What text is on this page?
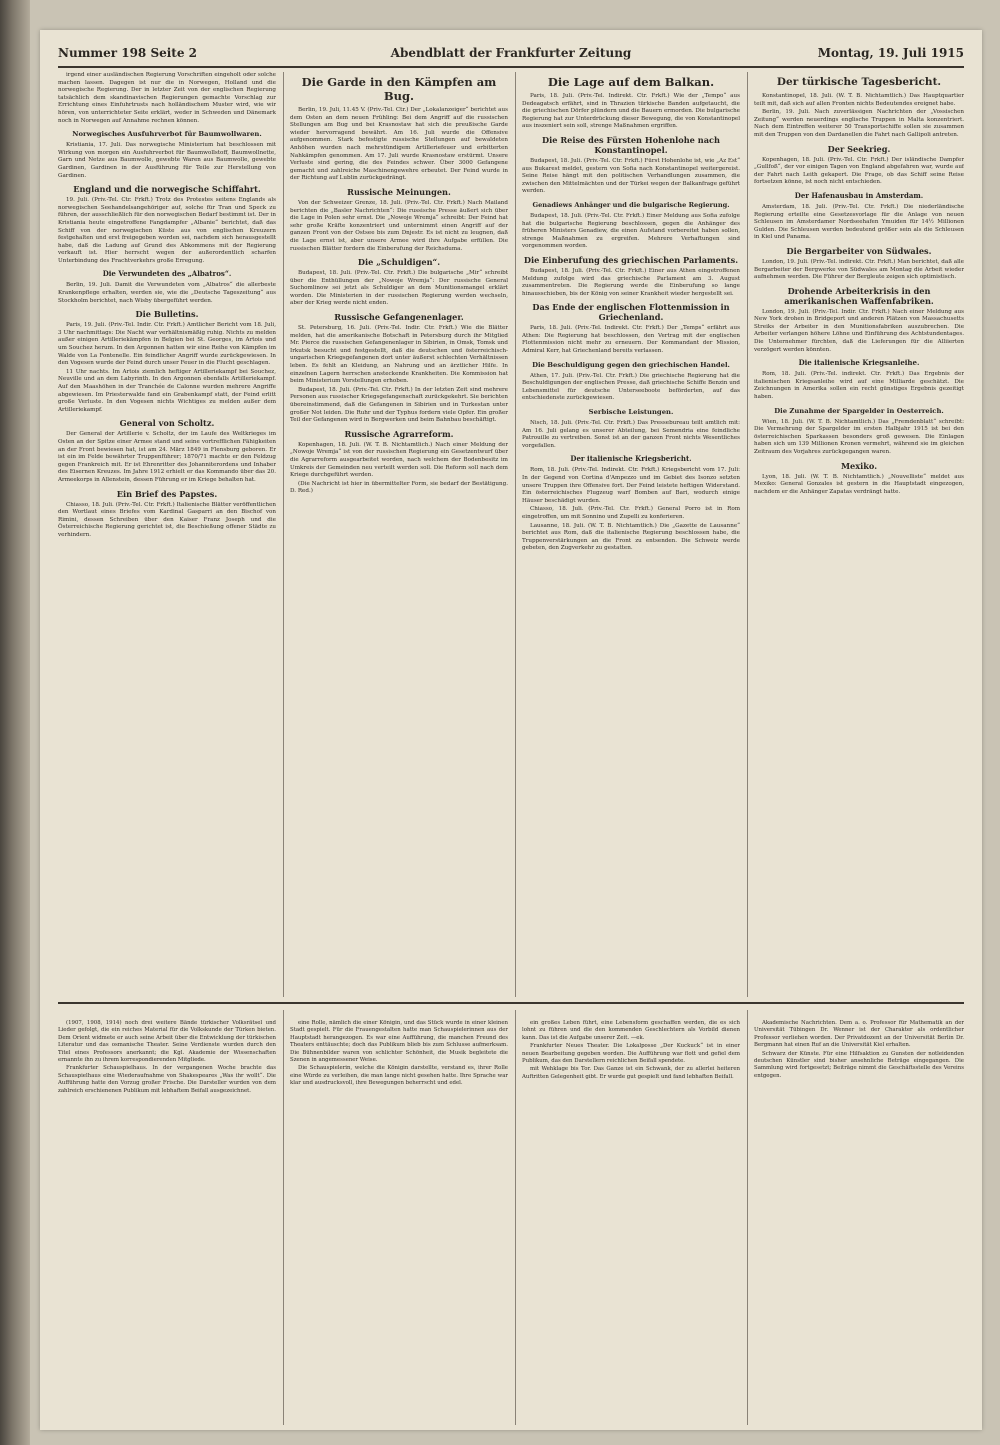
Nummer 198 Seite 2	Abendblatt der Frankfurter Zeitung	Montag, 19. Juli 1915

irgend einer ausländischen Regierung Vorschriften eingeholt oder solche machen lassen. Dagegen ist nur die in Norwegen, Holland und die norwegische Regierung. Der in letzter Zeit von der englischen Regierung tatsächlich dem skandinavischen Regierungen gemachte Vorschlag zur Errichtung eines Einfuhrtrusts nach holländischem Muster wird, wie wir hören, von unterrichteter Seite erklärt, weder in Schweden und Dänemark noch in Norwegen auf Annahme rechnen können.

Norwegisches Ausfuhrverbot für Baumwollwaren.

Kristiania, 17. Juli. Das norwegische Ministerium hat beschlossen mit Wirkung von morgen ein Ausfuhrverbot für Baumwollstoff, Baumwollnette, Garn und Netze aus Baumwolle, gewebte Waren aus Baumwolle, gewebte Gardinen, Gardinen in der Ausführung für Teile zur Herstellung von Gardinen.

England und die norwegische Schiffahrt.

19. Juli. (Priv.-Tel. Ctr. Frkft.) Trotz des Protestes seitens Englands als norwegischen Seehandelsangehöriger auf, solche für Tran und Speck zu führen, der ausschließlich für den norwegischen Bedarf bestimmt ist. Der in Kristiania heute eingetroffene Fangdampfer „Albanie“ berichtet, daß das Schiff von der norwegischen Küste aus von englischen Kreuzern festgehalten und erst freigegeben worden sei, nachdem sich herausgestellt habe, daß die Ladung auf Grund des Abkommens mit der Regierung verkauft ist. Hier herrscht wegen der außerordentlich scharfen Unterbindung des Frachtverkehrs große Erregung.

Die Verwundeten des „Albatros“.

Berlin, 19. Juli. Damit die Verwundeten vom „Albatros“ die allerbeste Krankenpflege erhalten, werden sie, wie die „Deutsche Tageszeitung“ aus Stockholm berichtet, nach Wisby übergeführt werden.

Die Bulletins.

Paris, 19. Juli. (Priv.-Tel. Indir. Ctr. Frkft.) Amtlicher Bericht vom 18. Juli, 3 Uhr nachmittags: Die Nacht war verhältnismäßig ruhig. Nichts zu melden außer einigen Artilleriekämpfen in Belgien bei St. Georges, im Artois und um Souchez herum. In den Argonnen hatten wir eine Reihe von Kämpfen im Walde von La Fontenelle. Ein feindlicher Angriff wurde zurückgewiesen. In den Vogesen wurde der Feind durch unser Feuer in die Flucht geschlagen.

11 Uhr nachts. Im Artois ziemlich heftiger Artilleriekampf bei Souchez, Neuville und an dem Labyrinth. In den Argonnen ebenfalls Artilleriekampf. Auf den Maashöhen in der Tranchée de Calonne wurden mehrere Angriffe abgewiesen. Im Priesterwalde fand ein Grabenkampf statt, der Feind erlitt große Verluste. In den Vogesen nichts Wichtiges zu melden außer dem Artilleriekampf.

General von Scholtz.

Der General der Artillerie v. Scholtz, der im Laufe des Weltkrieges im Osten an der Spitze einer Armee stand und seine vortrefflichen Fähigkeiten an der Front bewiesen hat, ist am 24. März 1849 in Flensburg geboren. Er ist ein im Felde bewährter Truppenführer; 1870/71 machte er den Feldzug gegen Frankreich mit. Er ist Ehrenritter des Johanniterordens und Inhaber des Eisernen Kreuzes. Im Jahre 1912 erhielt er das Kommando über das 20. Armeekorps in Allenstein, dessen Führung er im Kriege behalten hat.

Ein Brief des Papstes.

Chiasso, 18. Juli. (Priv.-Tel. Ctr. Frkft.) Italienische Blätter veröffentlichen den Wortlaut eines Briefes vom Kardinal Gasparri an den Bischof von Rimini, dessen Schreiben über den Kaiser Franz Joseph und die Österreichische Regierung gerichtet ist, die Beschießung offener Städte zu verhindern.

Die Garde in den Kämpfen am Bug.

Berlin, 19. Juli, 11.45 V. (Priv.-Tel. Ctr.) Der „Lokalanzeiger“ berichtet aus dem Osten an dem neuen Frühling: Bei dem Angriff auf die russischen Stellungen am Bug und bei Krasnostaw hat sich die preußische Garde wieder hervorragend bewährt. Am 16. Juli wurde die Offensive aufgenommen. Stark befestigte russische Stellungen auf bewaldeten Anhöhen wurden nach mehrstündigem Artilleriefeuer und erbitterten Nahkämpfen genommen. Am 17. Juli wurde Krasnostaw erstürmt. Unsere Verluste sind gering, die des Feindes schwer. Über 3000 Gefangene gemacht und zahlreiche Maschinengewehre erbeutet. Der Feind wurde in der Richtung auf Lublin zurückgedrängt.

Russische Meinungen.

Von der Schweizer Grenze, 18. Juli. (Priv.-Tel. Ctr. Frkft.) Nach Mailand berichten die „Basler Nachrichten“: Die russische Presse äußert sich über die Lage in Polen sehr ernst. Die „Nowoje Wremja“ schreibt: Der Feind hat sehr große Kräfte konzentriert und unternimmt einen Angriff auf der ganzen Front von der Ostsee bis zum Dnjestr. Es ist nicht zu leugnen, daß die Lage ernst ist, aber unsere Armee wird ihre Aufgabe erfüllen. Die russischen Blätter fordern die Einberufung der Reichsduma.

Die „Schuldigen“.

Budapest, 18. Juli. (Priv.-Tel. Ctr. Frkft.) Die bulgarische „Mir“ schreibt über die Enthüllungen der „Nowoje Wremja“: Der russische General Suchomlinow sei jetzt als Schuldiger an dem Munitionsmangel erklärt worden. Die Ministerien in der russischen Regierung werden wechseln, aber der Krieg werde nicht enden.

Russische Gefangenenlager.

St. Petersburg, 16. Juli. (Priv.-Tel. Indir. Ctr. Frkft.) Wie die Blätter melden, hat die amerikanische Botschaft in Petersburg durch ihr Mitglied Mr. Pierce die russischen Gefangenenlager in Sibirien, in Omsk, Tomsk und Irkutsk besucht und festgestellt, daß die deutschen und österreichisch-ungarischen Kriegsgefangenen dort unter äußerst schlechten Verhältnissen leben. Es fehlt an Kleidung, an Nahrung und an ärztlicher Hilfe. In einzelnen Lagern herrschen ansteckende Krankheiten. Die Kommission hat beim Ministerium Vorstellungen erhoben.

Budapest, 18. Juli. (Priv.-Tel. Ctr. Frkft.) In der letzten Zeit sind mehrere Personen aus russischer Kriegsgefangenschaft zurückgekehrt. Sie berichten übereinstimmend, daß die Gefangenen in Sibirien und in Turkestan unter großer Not leiden. Die Ruhr und der Typhus fordern viele Opfer. Ein großer Teil der Gefangenen wird in Bergwerken und beim Bahnbau beschäftigt.

Russische Agrarreform.

Kopenhagen, 18. Juli. (W. T. B. Nichtamtlich.) Nach einer Meldung der „Nowoje Wremja“ ist von der russischen Regierung ein Gesetzentwurf über die Agrarreform ausgearbeitet worden, nach welchem der Bodenbesitz im Umkreis der Gemeinden neu verteilt werden soll. Die Reform soll nach dem Kriege durchgeführt werden.

(Die Nachricht ist hier in übermittelter Form, sie bedarf der Bestätigung. D. Red.)

Die Lage auf dem Balkan.

Paris, 18. Juli. (Priv.-Tel. Indirekt. Ctr. Frkft.) Wie der „Tempo“ aus Dedeagatsch erfährt, sind in Thrazien türkische Banden aufgetaucht, die die griechischen Dörfer plündern und die Bauern ermorden. Die bulgarische Regierung hat zur Unterdrückung dieser Bewegung, die von Konstantinopel aus inszeniert sein soll, strenge Maßnahmen ergriffen.

Die Reise des Fürsten Hohenlohe nach Konstantinopel.

Budapest, 18. Juli. (Priv.-Tel. Ctr. Frkft.) Fürst Hohenlohe ist, wie „Az Est“ aus Bukarest meldet, gestern von Sofia nach Konstantinopel weitergereist. Seine Reise hängt mit den politischen Verhandlungen zusammen, die zwischen den Mittelmächten und der Türkei wegen der Balkanfrage geführt werden.

Genadiews Anhänger und die bulgarische Regierung.

Budapest, 18. Juli. (Priv.-Tel. Ctr. Frkft.) Einer Meldung aus Sofia zufolge hat die bulgarische Regierung beschlossen, gegen die Anhänger des früheren Ministers Genadiew, die einen Aufstand vorbereitet haben sollen, strenge Maßnahmen zu ergreifen. Mehrere Verhaftungen sind vorgenommen worden.

Die Einberufung des griechischen Parlaments.

Budapest, 18. Juli. (Priv.-Tel. Ctr. Frkft.) Einer aus Athen eingetroffenen Meldung zufolge wird das griechische Parlament am 3. August zusammentreten. Die Regierung werde die Einberufung so lange hinausschieben, bis der König von seiner Krankheit wieder hergestellt sei.

Das Ende der englischen Flottenmission in Griechenland.

Paris, 18. Juli. (Priv.-Tel. Indirekt. Ctr. Frkft.) Der „Temps“ erfährt aus Athen: Die Regierung hat beschlossen, den Vertrag mit der englischen Flottenmission nicht mehr zu erneuern. Der Kommandant der Mission, Admiral Kerr, hat Griechenland bereits verlassen.

Die Beschuldigung gegen den griechischen Handel.

Athen, 17. Juli. (Priv.-Tel. Ctr. Frkft.) Die griechische Regierung hat die Beschuldigungen der englischen Presse, daß griechische Schiffe Benzin und Lebensmittel für deutsche Unterseeboote beförderten, auf das entschiedenste zurückgewiesen.

Serbische Leistungen.

Nisch, 18. Juli. (Priv.-Tel. Ctr. Frkft.) Das Pressebureau teilt amtlich mit: Am 16. Juli gelang es unserer Abteilung, bei Semendria eine feindliche Patrouille zu vertreiben. Sonst ist an der ganzen Front nichts Wesentliches vorgefallen.

Der italienische Kriegsbericht.

Rom, 18. Juli. (Priv.-Tel. Indirekt. Ctr. Frkft.) Kriegsbericht vom 17. Juli: In der Gegend von Cortina d'Ampezzo und im Gebiet des Isonzo setzten unsere Truppen ihre Offensive fort. Der Feind leistete heftigen Widerstand. Ein österreichisches Flugzeug warf Bomben auf Bari, wodurch einige Häuser beschädigt wurden.

Chiasso, 18. Juli. (Priv.-Tel. Ctr. Frkft.) General Porro ist in Rom eingetroffen, um mit Sonnino und Zupelli zu konferieren.

Lausanne, 18. Juli. (W. T. B. Nichtamtlich.) Die „Gazette de Lausanne“ berichtet aus Rom, daß die italienische Regierung beschlossen habe, die Truppenverstärkungen an die Front zu entsenden. Die Schweiz werde gebeten, den Zugverkehr zu gestatten.

Der türkische Tagesbericht.

Konstantinopel, 18. Juli. (W. T. B. Nichtamtlich.) Das Hauptquartier teilt mit, daß sich auf allen Fronten nichts Bedeutendes ereignet habe.

Berlin, 19. Juli. Nach zuverlässigen Nachrichten der „Vossischen Zeitung“ werden neuerdings englische Truppen in Malta konzentriert. Nach dem Eintreffen weiterer 50 Transportschiffe sollen sie zusammen mit den Truppen von den Dardanellen die Fahrt nach Gallipoli antreten.

Der Seekrieg.

Kopenhagen, 18. Juli. (Priv.-Tel. Ctr. Frkft.) Der isländische Dampfer „Gullfoß“, der vor einigen Tagen von England abgefahren war, wurde auf der Fahrt nach Leith gekapert. Die Frage, ob das Schiff seine Reise fortsetzen könne, ist noch nicht entschieden.

Der Hafenausbau in Amsterdam.

Amsterdam, 18. Juli. (Priv.-Tel. Ctr. Frkft.) Die niederländische Regierung erteilte eine Gesetzesvorlage für die Anlage von neuen Schleusen im Amsterdamer Nordseehafen Ymuiden für 14½ Millionen Gulden. Die Schleusen werden bedeutend größer sein als die Schleusen in Kiel und Panama.

Die Bergarbeiter von Südwales.

London, 19. Juli. (Priv.-Tel. indirekt. Ctr. Frkft.) Man berichtet, daß alle Bergarbeiter der Bergwerke von Südwales am Montag die Arbeit wieder aufnehmen werden. Die Führer der Bergleute zeigen sich optimistisch.

Drohende Arbeiterkrisis in den amerikanischen Waffenfabriken.

London, 19. Juli. (Priv.-Tel. Indir. Ctr. Frkft.) Nach einer Meldung aus New York drohen in Bridgeport und anderen Plätzen von Massachusetts Streiks der Arbeiter in den Munitionsfabriken auszubrechen. Die Arbeiter verlangen höhere Löhne und Einführung des Achtstundentages. Die Unternehmer fürchten, daß die Lieferungen für die Alliierten verzögert werden könnten.

Die italienische Kriegsanleihe.

Rom, 18. Juli. (Priv.-Tel. indirekt. Ctr. Frkft.) Das Ergebnis der italienischen Kriegsanleihe wird auf eine Milliarde geschätzt. Die Zeichnungen in Amerika sollen ein recht günstiges Ergebnis gezeitigt haben.

Die Zunahme der Spargelder in Oesterreich.

Wien, 18. Juli. (W. T. B. Nichtamtlich.) Das „Fremdenblatt“ schreibt: Die Vermehrung der Spargelder im ersten Halbjahr 1915 ist bei den österreichischen Sparkassen besonders groß gewesen. Die Einlagen haben sich um 139 Millionen Kronen vermehrt, während sie im gleichen Zeitraum des Vorjahres zurückgegangen waren.

Mexiko.

Lyon, 18. Juli. (W. T. B. Nichtamtlich.) „Nouvelliste“ meldet aus Mexiko: General Gonzales ist gestern in die Hauptstadt eingezogen, nachdem er die Anhänger Zapatas verdrängt hatte.

(1907, 1908, 1914) noch drei weitere Bände türkischer Volksrätsel und Lieder gefolgt, die ein reiches Material für die Volkskunde der Türken bieten. Dem Orient widmete er auch seine Arbeit über die Entwicklung der türkischen Literatur und das osmanische Theater. Seine Verdienste wurden durch den Titel eines Professors anerkannt; die Kgl. Akademie der Wissenschaften ernannte ihn zu ihrem korrespondierenden Mitgliede.

Frankfurter Schauspielhaus. In der vergangenen Woche brachte das Schauspielhaus eine Wiederaufnahme von Shakespeares „Was ihr wollt“. Die Aufführung hatte den Vorzug großer Frische. Die Darsteller wurden von dem zahlreich erschienenen Publikum mit lebhaftem Beifall ausgezeichnet.

eine Rolle, nämlich die einer Königin, und das Stück wurde in einer kleinen Stadt gespielt. Für die Frauengestalten hatte man Schauspielerinnen aus der Hauptstadt herangezogen. Es war eine Aufführung, die manchen Freund des Theaters enttäuschte; doch das Publikum blieb bis zum Schlusse aufmerksam. Die Bühnenbilder waren von schlichter Schönheit, die Musik begleitete die Szenen in angemessener Weise.

Die Schauspielerin, welche die Königin darstellte, verstand es, ihrer Rolle eine Würde zu verleihen, die man lange nicht gesehen hatte. Ihre Sprache war klar und ausdrucksvoll, ihre Bewegungen beherrscht und edel.

ein großes Leben führt, eine Lebensform geschaffen werden, die es sich lohnt zu führen und die den kommenden Geschlechtern als Vorbild dienen kann. Das ist die Aufgabe unserer Zeit. —ek.

Frankfurter Neues Theater. Die Lokalposse „Der Kuckuck“ ist in einer neuen Bearbeitung gegeben worden. Die Aufführung war flott und gefiel dem Publikum, das den Darstellern reichlichen Beifall spendete.

mit Wehklage bis Tor. Das Ganze ist ein Schwank, der zu allerlei heiteren Auftritten Gelegenheit gibt. Er wurde gut gespielt und fand lebhaften Beifall.

Akademische Nachrichten. Dem a. o. Professor für Mathematik an der Universität Tübingen Dr. Wenner ist der Charakter als ordentlicher Professor verliehen worden. Der Privatdozent an der Universität Berlin Dr. Bergmann hat einen Ruf an die Universität Kiel erhalten.

Schwarz der Künste. Für eine Hilfsaktion zu Gunsten der notleidenden deutschen Künstler sind bisher ansehnliche Beträge eingegangen. Die Sammlung wird fortgesetzt; Beiträge nimmt die Geschäftsstelle des Vereins entgegen.
